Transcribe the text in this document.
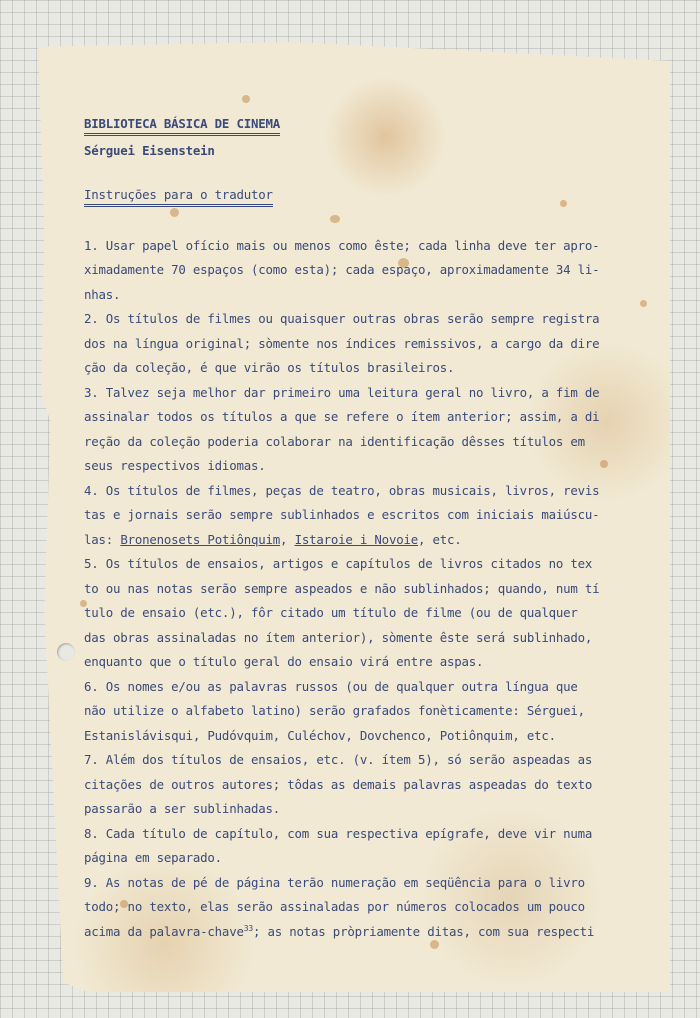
BIBLIOTECA BÁSICA DE CINEMA
Sérguei Eisenstein
Instruções para o tradutor

1. Usar papel ofício mais ou menos como êste; cada linha deve ter apro-

ximadamente 70 espaços (como esta); cada espaço, aproximadamente 34 li-

nhas.

2. Os títulos de filmes ou quaisquer outras obras serão sempre registra

dos na língua original; sòmente nos índices remissivos, a cargo da dire

ção da coleção, é que virão os títulos brasileiros.

3. Talvez seja melhor dar primeiro uma leitura geral no livro, a fim de

assinalar todos os títulos a que se refere o ítem anterior; assim, a di

reção da coleção poderia colaborar na identificação dêsses títulos em

seus respectivos idiomas.

4. Os títulos de filmes, peças de teatro, obras musicais, livros, revis

tas e jornais serão sempre sublinhados e escritos com iniciais maiúscu-

las: Bronenosets Potiônquim, Istaroie i Novoie, etc.

5. Os títulos de ensaios, artigos e capítulos de livros citados no tex

to ou nas notas serão sempre aspeados e não sublinhados; quando, num tí

tulo de ensaio (etc.), fôr citado um título de filme (ou de qualquer

das obras assinaladas no ítem anterior), sòmente êste será sublinhado,

enquanto que o título geral do ensaio virá entre aspas.

6. Os nomes e/ou as palavras russos (ou de qualquer outra língua que

não utilize o alfabeto latino) serão grafados fonèticamente: Sérguei,

Estanislávisqui, Pudóvquim, Culéchov, Dovchenco, Potiônquim, etc.

7. Além dos títulos de ensaios, etc. (v. ítem 5), só serão aspeadas as

citações de outros autores; tôdas as demais palavras aspeadas do texto

passarão a ser sublinhadas.

8. Cada título de capítulo, com sua respectiva epígrafe, deve vir numa

página em separado.

9. As notas de pé de página terão numeração em seqüência para o livro

todo; no texto, elas serão assinaladas por números colocados um pouco

acima da palavra-chave$^{33}$; as notas pròpriamente ditas, com sua respecti
